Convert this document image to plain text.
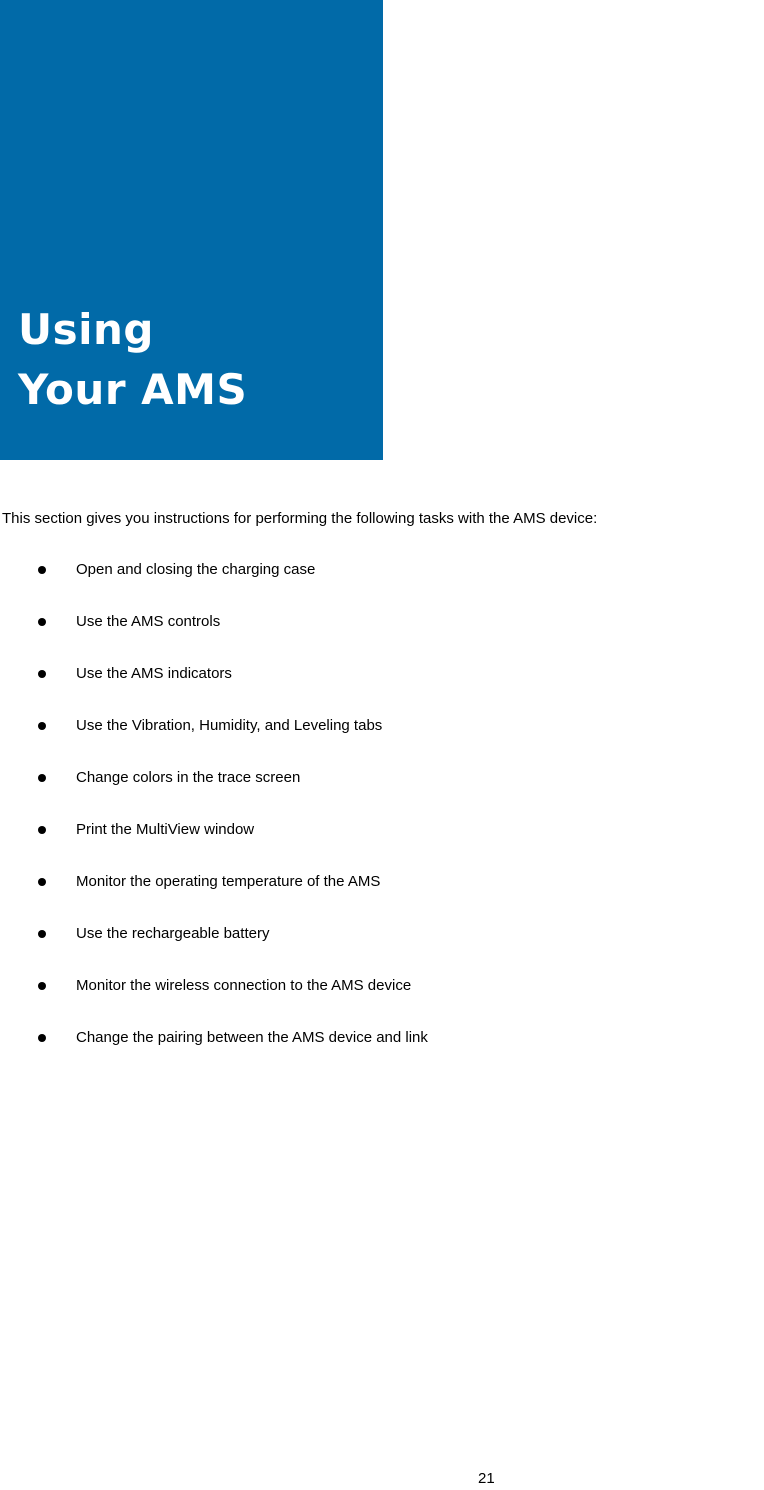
Using
Your AMS

This section gives you instructions for performing the following tasks with the AMS device:

Open and closing the charging case
Use the AMS controls
Use the AMS indicators
Use the Vibration, Humidity, and Leveling tabs
Change colors in the trace screen
Print the MultiView window
Monitor the operating temperature of the AMS
Use the rechargeable battery
Monitor the wireless connection to the AMS device
Change the pairing between the AMS device and link
21
